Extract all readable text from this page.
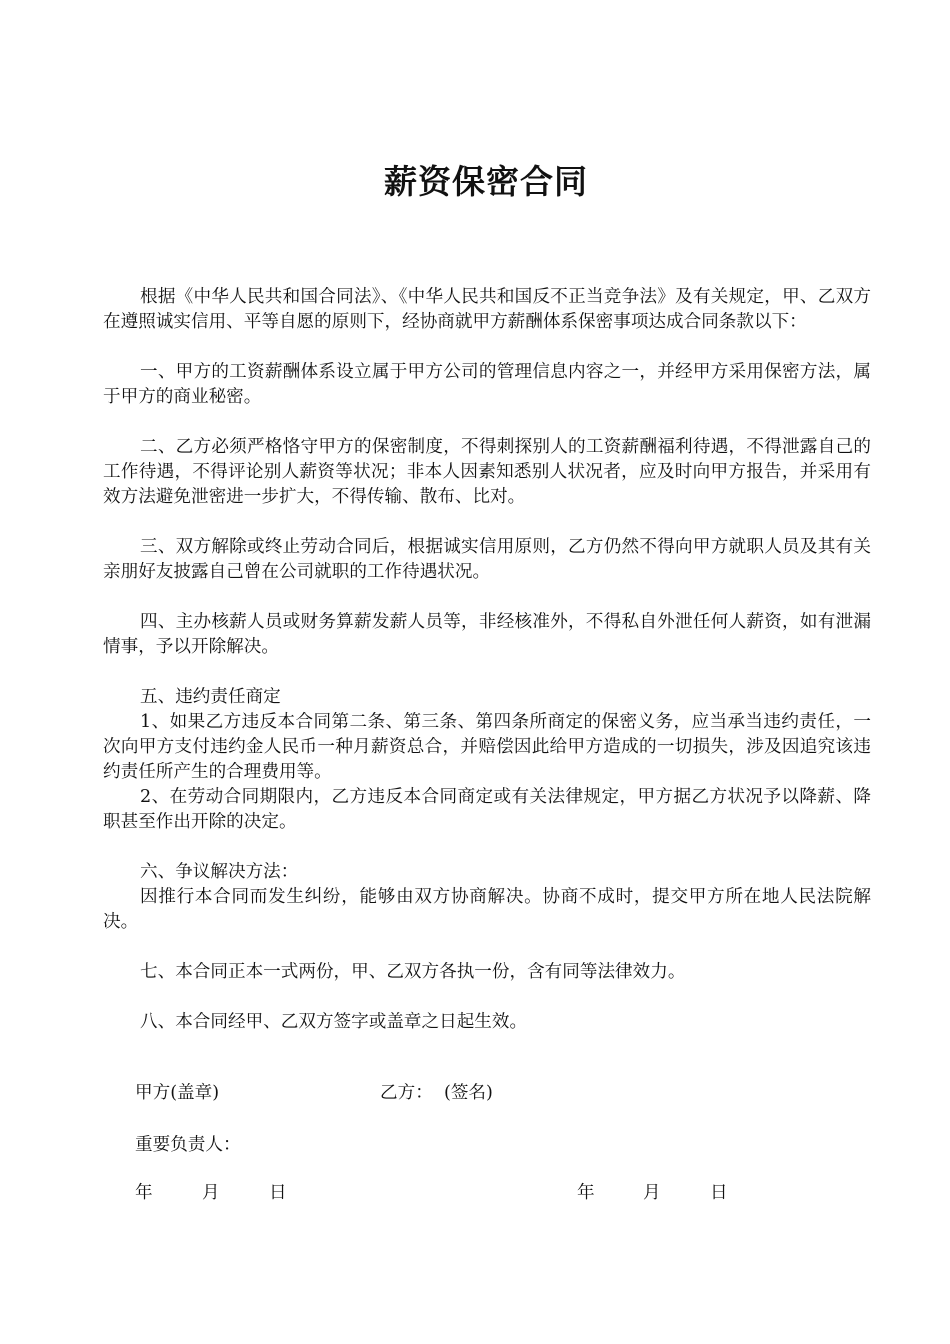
薪资保密合同

根据《中华人民共和国合同法》、《中华人民共和国反不正当竞争法》及有关规定，甲、乙双方在遵照诚实信用、平等自愿的原则下，经协商就甲方薪酬体系保密事项达成合同条款以下：

一、甲方的工资薪酬体系设立属于甲方公司的管理信息内容之一，并经甲方采用保密方法，属于甲方的商业秘密。

二、乙方必须严格恪守甲方的保密制度，不得刺探别人的工资薪酬福利待遇，不得泄露自己的工作待遇，不得评论别人薪资等状况；非本人因素知悉别人状况者，应及时向甲方报告，并采用有效方法避免泄密进一步扩大，不得传输、散布、比对。

三、双方解除或终止劳动合同后，根据诚实信用原则，乙方仍然不得向甲方就职人员及其有关亲朋好友披露自己曾在公司就职的工作待遇状况。

四、主办核薪人员或财务算薪发薪人员等，非经核准外，不得私自外泄任何人薪资，如有泄漏情事，予以开除解决。

五、违约责任商定

1、如果乙方违反本合同第二条、第三条、第四条所商定的保密义务，应当承当违约责任，一次向甲方支付违约金人民币一种月薪资总合，并赔偿因此给甲方造成的一切损失，涉及因追究该违约责任所产生的合理费用等。

2、在劳动合同期限内，乙方违反本合同商定或有关法律规定，甲方据乙方状况予以降薪、降职甚至作出开除的决定。

六、争议解决方法：

因推行本合同而发生纠纷，能够由双方协商解决。协商不成时，提交甲方所在地人民法院解决。

七、本合同正本一式两份，甲、乙双方各执一份，含有同等法律效力。

八、本合同经甲、乙双方签字或盖章之日起生效。

甲方(盖章)	乙方：  (签名)
重要负责人：
年	月	日	年	月	日
